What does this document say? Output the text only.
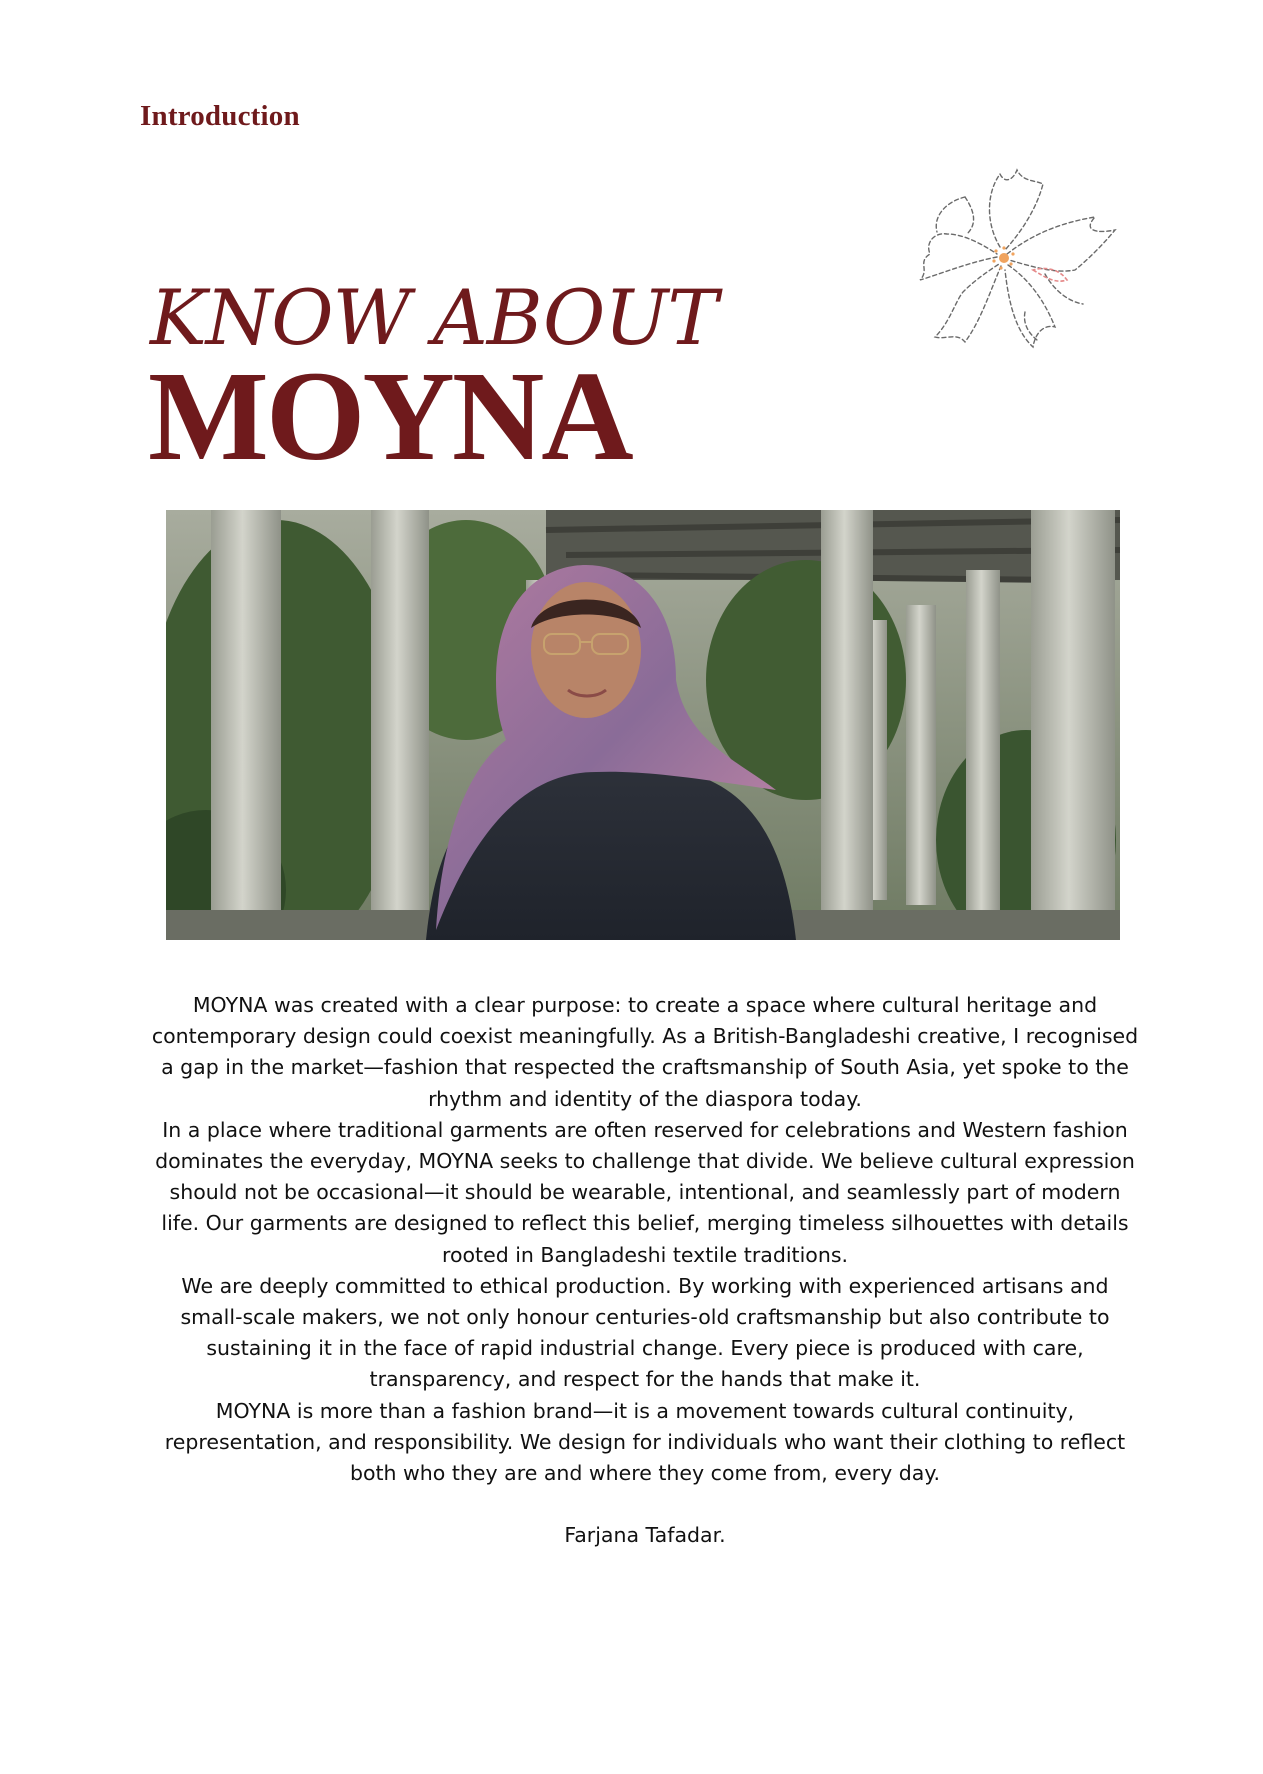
Introduction
KNOW ABOUT
MOYNA

MOYNA was created with a clear purpose: to create a space where cultural heritage and contemporary design could coexist meaningfully. As a British-Bangladeshi creative, I recognised a gap in the market—fashion that respected the craftsmanship of South Asia, yet spoke to the rhythm and identity of the diaspora today.

In a place where traditional garments are often reserved for celebrations and Western fashion dominates the everyday, MOYNA seeks to challenge that divide. We believe cultural expression should not be occasional—it should be wearable, intentional, and seamlessly part of modern life. Our garments are designed to reflect this belief, merging timeless silhouettes with details rooted in Bangladeshi textile traditions.

We are deeply committed to ethical production. By working with experienced artisans and small-scale makers, we not only honour centuries-old craftsmanship but also contribute to sustaining it in the face of rapid industrial change. Every piece is produced with care, transparency, and respect for the hands that make it.

MOYNA is more than a fashion brand—it is a movement towards cultural continuity, representation, and responsibility. We design for individuals who want their clothing to reflect both who they are and where they come from, every day.

Farjana Tafadar.
